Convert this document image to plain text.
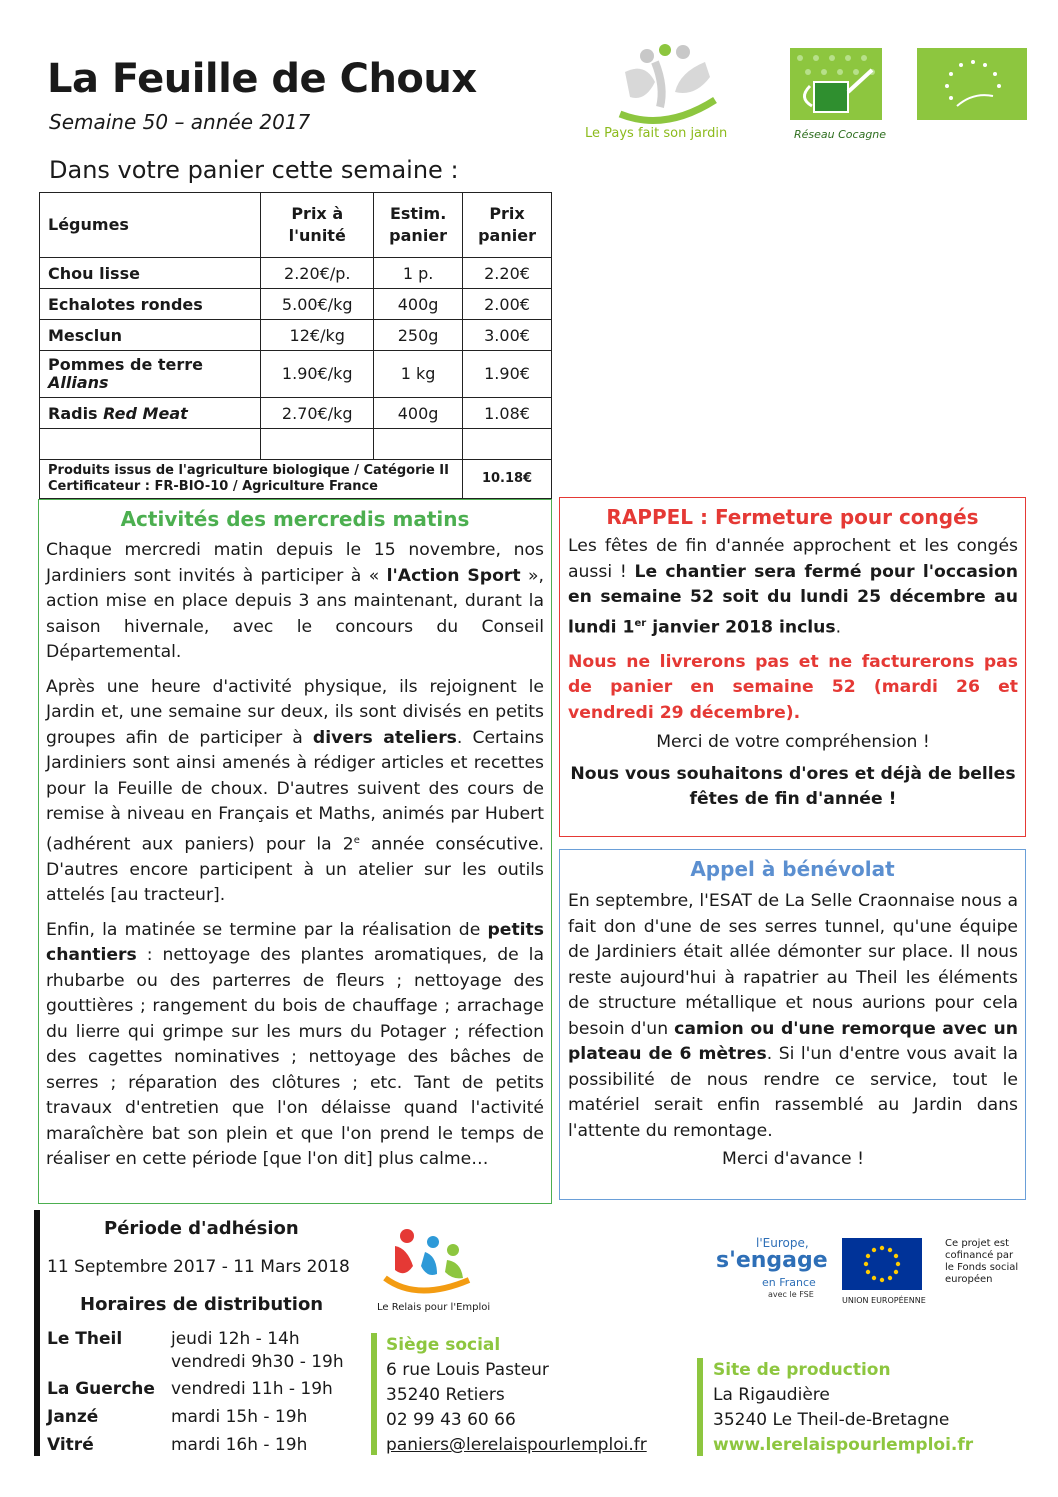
La Feuille de Choux
Semaine 50 – année 2017
Dans votre panier cette semaine :
Le Pays fait son jardin	Réseau Cocagne
Légumes	Prix à l'unité	Estim. panier	Prix panier
Chou lisse	2.20€/p.	1 p.	2.20€
Echalotes rondes	5.00€/kg	400g	2.00€
Mesclun	12€/kg	250g	3.00€
Pommes de terre
Allians	1.90€/kg	1 kg	1.90€
Radis Red Meat	2.70€/kg	400g	1.08€

Produits issus de l'agriculture biologique / Catégorie II
Certificateur : FR-BIO-10 / Agriculture France			10.18€
Activités des mercredis matins

Chaque mercredi matin depuis le 15 novembre, nos Jardiniers sont invités à participer à « l'Action Sport », action mise en place depuis 3 ans maintenant, durant la saison hivernale, avec le concours du Conseil Départemental.

Après une heure d'activité physique, ils rejoignent le Jardin et, une semaine sur deux, ils sont divisés en petits groupes afin de participer à divers ateliers. Certains Jardiniers sont ainsi amenés à rédiger articles et recettes pour la Feuille de choux. D'autres suivent des cours de remise à niveau en Français et Maths, animés par Hubert (adhérent aux paniers) pour la 2e année consécutive. D'autres encore participent à un atelier sur les outils attelés [au tracteur].

Enfin, la matinée se termine par la réalisation de petits chantiers : nettoyage des plantes aromatiques, de la rhubarbe ou des parterres de fleurs ; nettoyage des gouttières ; rangement du bois de chauffage ; arrachage du lierre qui grimpe sur les murs du Potager ; réfection des cagettes nominatives ; nettoyage des bâches de serres ; réparation des clôtures ; etc. Tant de petits travaux d'entretien que l'on délaisse quand l'activité maraîchère bat son plein et que l'on prend le temps de réaliser en cette période [que l'on dit] plus calme…

RAPPEL : Fermeture pour congés

Les fêtes de fin d'année approchent et les congés aussi ! Le chantier sera fermé pour l'occasion en semaine 52 soit du lundi 25 décembre au lundi 1er janvier 2018 inclus.

Nous ne livrerons pas et ne facturerons pas de panier en semaine 52 (mardi 26 et vendredi 29 décembre).

Merci de votre compréhension !

Nous vous souhaitons d'ores et déjà de belles fêtes de fin d'année !

Appel à bénévolat

En septembre, l'ESAT de La Selle Craonnaise nous a fait don d'une de ses serres tunnel, qu'une équipe de Jardiniers était allée démonter sur place. Il nous reste aujourd'hui à rapatrier au Theil les éléments de structure métallique et nous aurions pour cela besoin d'un camion ou d'une remorque avec un plateau de 6 mètres. Si l'un d'entre vous avait la possibilité de nous rendre ce service, tout le matériel serait enfin rassemblé au Jardin dans l'attente du remontage.

Merci d'avance !

Période d'adhésion
11 Septembre 2017 - 11 Mars 2018
Horaires de distribution
Le Theil	jeudi 12h - 14h
vendredi 9h30 - 19h
La Guerche vendredi 11h - 19h
Janzé	mardi 15h - 19h
Vitré	mardi 16h - 19h
Le Relais pour l'Emploi
Siège social
6 rue Louis Pasteur
35240 Retiers
02 99 43 60 66
paniers@lerelaispourlemploi.fr
Site de production
La Rigaudière
35240 Le Theil-de-Bretagne
www.lerelaispourlemploi.fr
l'Europe,
s'engage
en France
avec le FSE
UNION EUROPÉENNE
Ce projet est cofinancé par le Fonds social européen
